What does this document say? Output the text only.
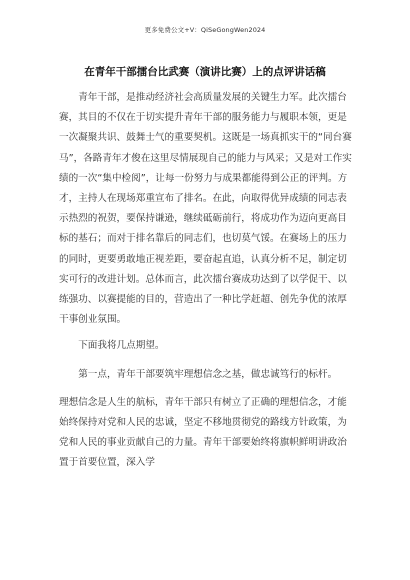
更多免费公文+V：QiSeGongWen2024
在青年干部擂台比武赛（演讲比赛）上的点评讲话稿

青年干部，是推动经济社会高质量发展的关键生力军。此次擂台赛，其目的不仅在于切实提升青年干部的服务能力与履职本领，更是一次凝聚共识、鼓舞士气的重要契机。这既是一场真抓实干的“同台赛马”，各路青年才俊在这里尽情展现自己的能力与风采；又是对工作实绩的一次“集中检阅”，让每一份努力与成果都能得到公正的评判。方才，主持人在现场郑重宣布了排名。在此，向取得优异成绩的同志表示热烈的祝贺，要保持谦逊，继续砥砺前行，将成功作为迈向更高目标的基石；而对于排名靠后的同志们，也切莫气馁。在赛场上的压力的同时，更要勇敢地正视差距，要奋起直追，认真分析不足，制定切实可行的改进计划。总体而言，此次擂台赛成功达到了以学促干、以练强功、以赛提能的目的，营造出了一种比学赶超、创先争优的浓厚干事创业氛围。

下面我将几点期望。

第一点，青年干部要筑牢理想信念之基，做忠诚笃行的标杆。

理想信念是人生的航标，青年干部只有树立了正确的理想信念，才能始终保持对党和人民的忠诚，坚定不移地贯彻党的路线方针政策，为党和人民的事业贡献自己的力量。青年干部要始终将旗帜鲜明讲政治置于首要位置，深入学
